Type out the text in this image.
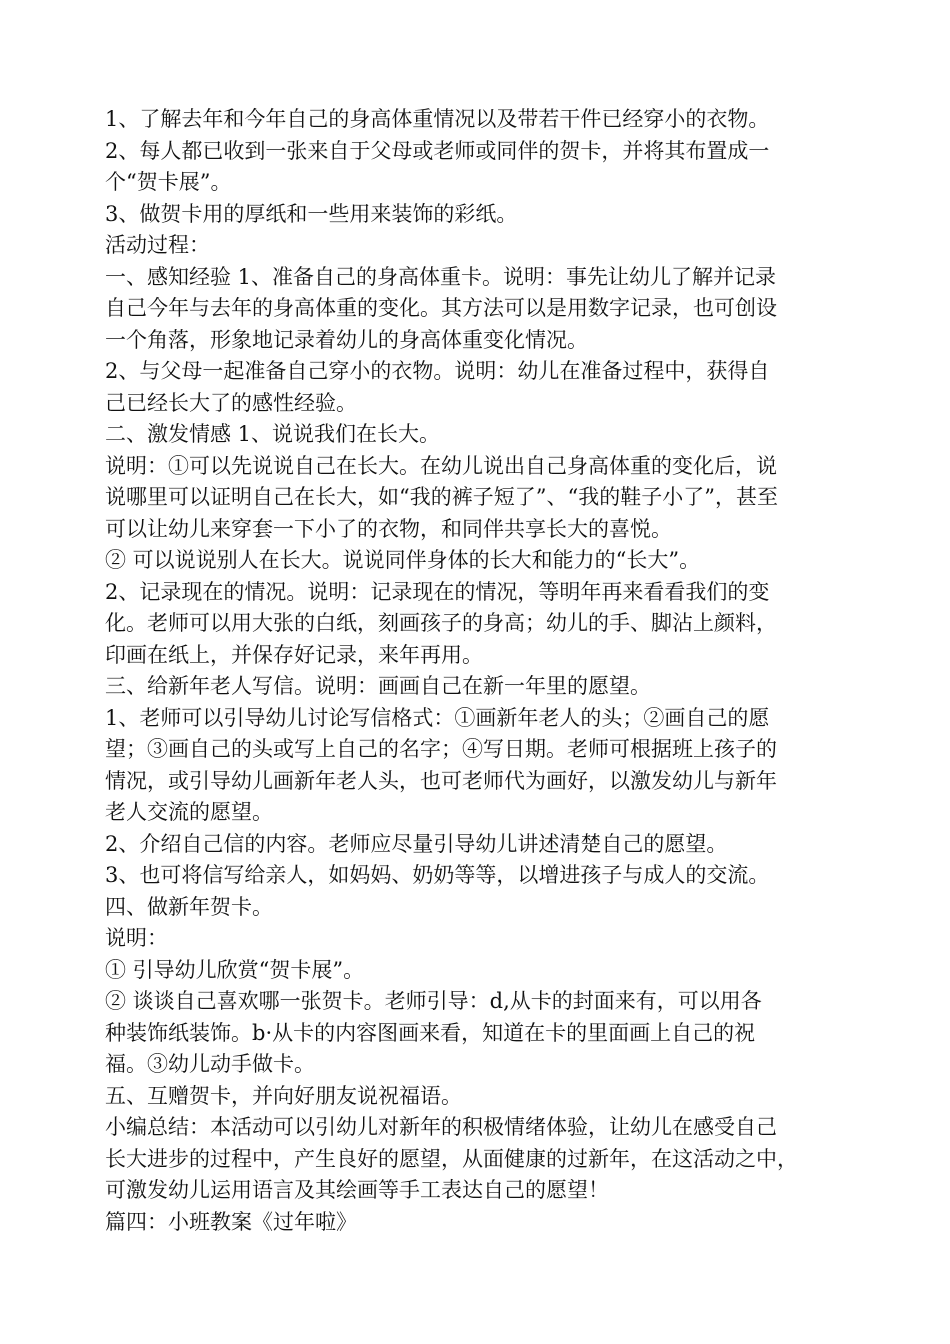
1、了解去年和今年自己的身高体重情况以及带若干件已经穿小的衣物。
2、每人都已收到一张来自于父母或老师或同伴的贺卡，并将其布置成一
个“贺卡展”。
3、做贺卡用的厚纸和一些用来装饰的彩纸。
活动过程：
一、感知经验 1、准备自己的身高体重卡。说明：事先让幼儿了解并记录
自己今年与去年的身高体重的变化。其方法可以是用数字记录，也可创设
一个角落，形象地记录着幼儿的身高体重变化情况。
2、与父母一起准备自己穿小的衣物。说明：幼儿在准备过程中，获得自
己已经长大了的感性经验。
二、激发情感 1、说说我们在长大。
说明：①可以先说说自己在长大。在幼儿说出自己身高体重的变化后，说
说哪里可以证明自己在长大，如“我的裤子短了”、“我的鞋子小了”，甚至
可以让幼儿来穿套一下小了的衣物，和同伴共享长大的喜悦。
② 可以说说别人在长大。说说同伴身体的长大和能力的“长大”。
2、记录现在的情况。说明：记录现在的情况，等明年再来看看我们的变
化。老师可以用大张的白纸，刻画孩子的身高；幼儿的手、脚沾上颜料，
印画在纸上，并保存好记录，来年再用。
三、给新年老人写信。说明：画画自己在新一年里的愿望。
1、老师可以引导幼儿讨论写信格式：①画新年老人的头；②画自己的愿
望；③画自己的头或写上自己的名字；④写日期。老师可根据班上孩子的
情况，或引导幼儿画新年老人头，也可老师代为画好，以激发幼儿与新年
老人交流的愿望。
2、介绍自己信的内容。老师应尽量引导幼儿讲述清楚自己的愿望。
3、也可将信写给亲人，如妈妈、奶奶等等，以增进孩子与成人的交流。
四、做新年贺卡。
说明：
① 引导幼儿欣赏“贺卡展”。
② 谈谈自己喜欢哪一张贺卡。老师引导：d,从卡的封面来有，可以用各
种装饰纸装饰。b·从卡的内容图画来看，知道在卡的里面画上自己的祝
福。③幼儿动手做卡。
五、互赠贺卡，并向好朋友说祝福语。
小编总结：本活动可以引幼儿对新年的积极情绪体验，让幼儿在感受自己
长大进步的过程中，产生良好的愿望，从面健康的过新年，在这活动之中，
可激发幼儿运用语言及其绘画等手工表达自己的愿望！
篇四：小班教案《过年啦》
